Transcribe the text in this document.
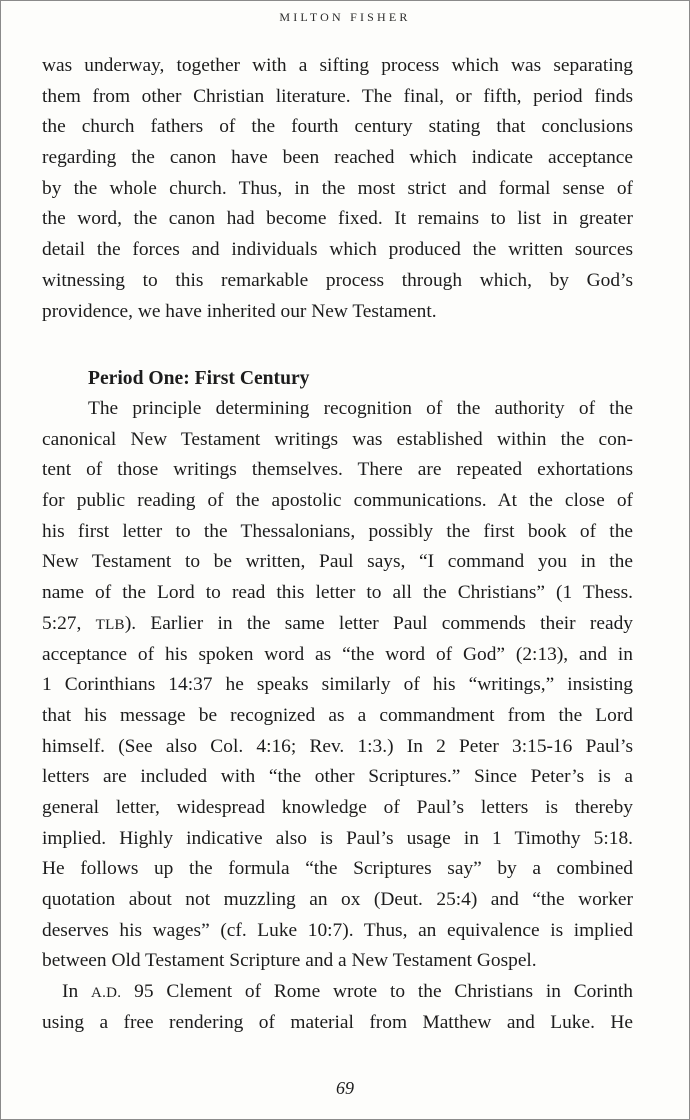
MILTON FISHER
was underway, together with a sifting process which was separating
them from other Christian literature. The final, or fifth, period finds
the church fathers of the fourth century stating that conclusions
regarding the canon have been reached which indicate acceptance
by the whole church. Thus, in the most strict and formal sense of
the word, the canon had become fixed. It remains to list in greater
detail the forces and individuals which produced the written sources
witnessing to this remarkable process through which, by God’s
providence, we have inherited our New Testament.
Period One: First Century
The principle determining recognition of the authority of the
canonical New Testament writings was established within the con-
tent of those writings themselves. There are repeated exhortations
for public reading of the apostolic communications. At the close of
his first letter to the Thessalonians, possibly the first book of the
New Testament to be written, Paul says, “I command you in the
name of the Lord to read this letter to all the Christians” (1 Thess.
5:27, TLB). Earlier in the same letter Paul commends their ready
acceptance of his spoken word as “the word of God” (2:13), and in
1 Corinthians 14:37 he speaks similarly of his “writings,” insisting
that his message be recognized as a commandment from the Lord
himself. (See also Col. 4:16; Rev. 1:3.) In 2 Peter 3:15-16 Paul’s
letters are included with “the other Scriptures.” Since Peter’s is a
general letter, widespread knowledge of Paul’s letters is thereby
implied. Highly indicative also is Paul’s usage in 1 Timothy 5:18.
He follows up the formula “the Scriptures say” by a combined
quotation about not muzzling an ox (Deut. 25:4) and “the worker
deserves his wages” (cf. Luke 10:7). Thus, an equivalence is implied
between Old Testament Scripture and a New Testament Gospel.
In A.D. 95 Clement of Rome wrote to the Christians in Corinth
using a free rendering of material from Matthew and Luke. He
69
